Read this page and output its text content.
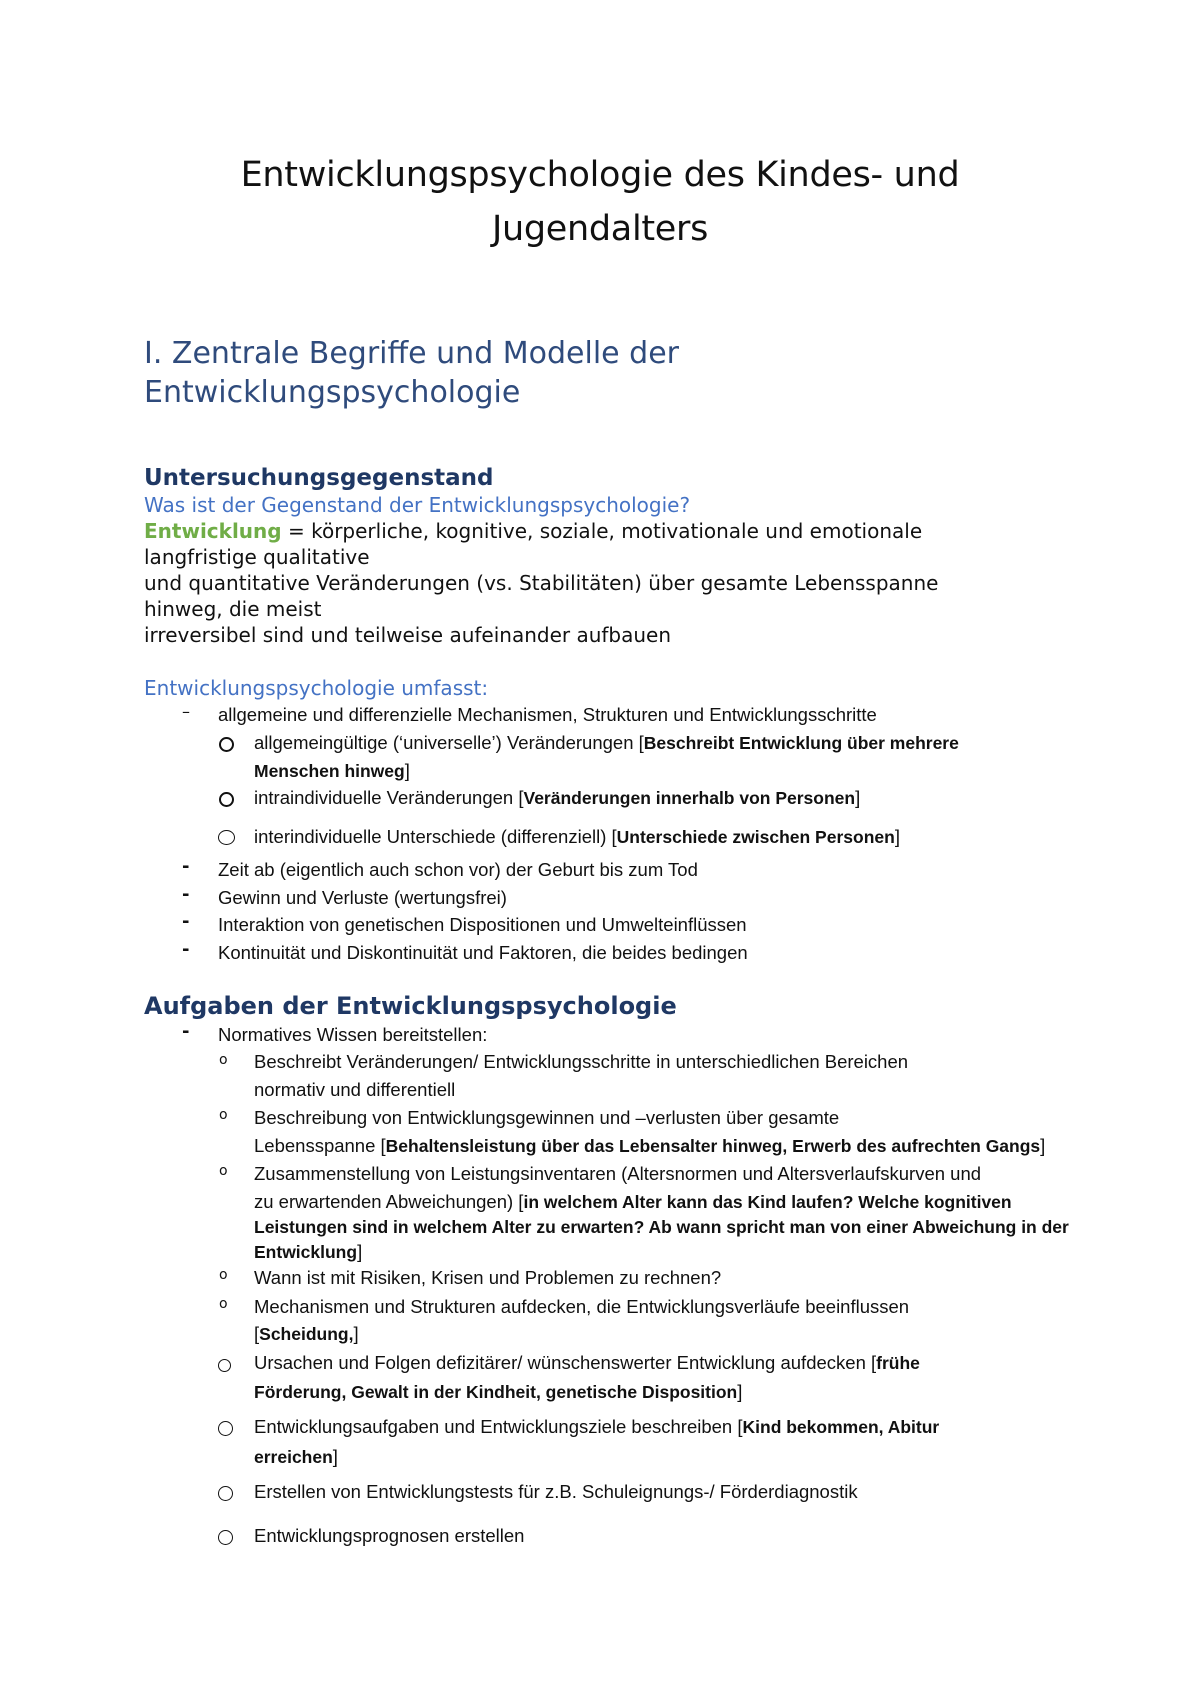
Entwicklungspsychologie des Kindes- und
Jugendalters
I. Zentrale Begriffe und Modelle der
Entwicklungspsychologie
Untersuchungsgegenstand
Was ist der Gegenstand der Entwicklungspsychologie?
Entwicklung = körperliche, kognitive, soziale, motivationale und emotionale
langfristige qualitative
und quantitative Veränderungen (vs. Stabilitäten) über gesamte Lebensspanne
hinweg, die meist
irreversibel sind und teilweise aufeinander aufbauen
Entwicklungspsychologie umfasst:
– allgemeine und differenzielle Mechanismen, Strukturen und Entwicklungsschritte
allgemeingültige (‘universelle’) Veränderungen [Beschreibt Entwicklung über mehrere
Menschen hinweg]
intraindividuelle Veränderungen [Veränderungen innerhalb von Personen]
interindividuelle Unterschiede (differenziell) [Unterschiede zwischen Personen]
- Zeit ab (eigentlich auch schon vor) der Geburt bis zum Tod
- Gewinn und Verluste (wertungsfrei)
- Interaktion von genetischen Dispositionen und Umwelteinflüssen
- Kontinuität und Diskontinuität und Faktoren, die beides bedingen
Aufgaben der Entwicklungspsychologie
- Normatives Wissen bereitstellen:
o Beschreibt Veränderungen/ Entwicklungsschritte in unterschiedlichen Bereichen
normativ und differentiell
o Beschreibung von Entwicklungsgewinnen und –verlusten über gesamte
Lebensspanne [Behaltensleistung über das Lebensalter hinweg, Erwerb des aufrechten Gangs]
o Zusammenstellung von Leistungsinventaren (Altersnormen und Altersverlaufskurven und
zu erwartenden Abweichungen) [in welchem Alter kann das Kind laufen? Welche kognitiven
Leistungen sind in welchem Alter zu erwarten? Ab wann spricht man von einer Abweichung in der
Entwicklung]
o Wann ist mit Risiken, Krisen und Problemen zu rechnen?
o Mechanismen und Strukturen aufdecken, die Entwicklungsverläufe beeinflussen
[Scheidung,]
Ursachen und Folgen defizitärer/ wünschenswerter Entwicklung aufdecken [frühe
Förderung, Gewalt in der Kindheit, genetische Disposition]
Entwicklungsaufgaben und Entwicklungsziele beschreiben [Kind bekommen, Abitur
erreichen]
Erstellen von Entwicklungstests für z.B. Schuleignungs-/ Förderdiagnostik
Entwicklungsprognosen erstellen
